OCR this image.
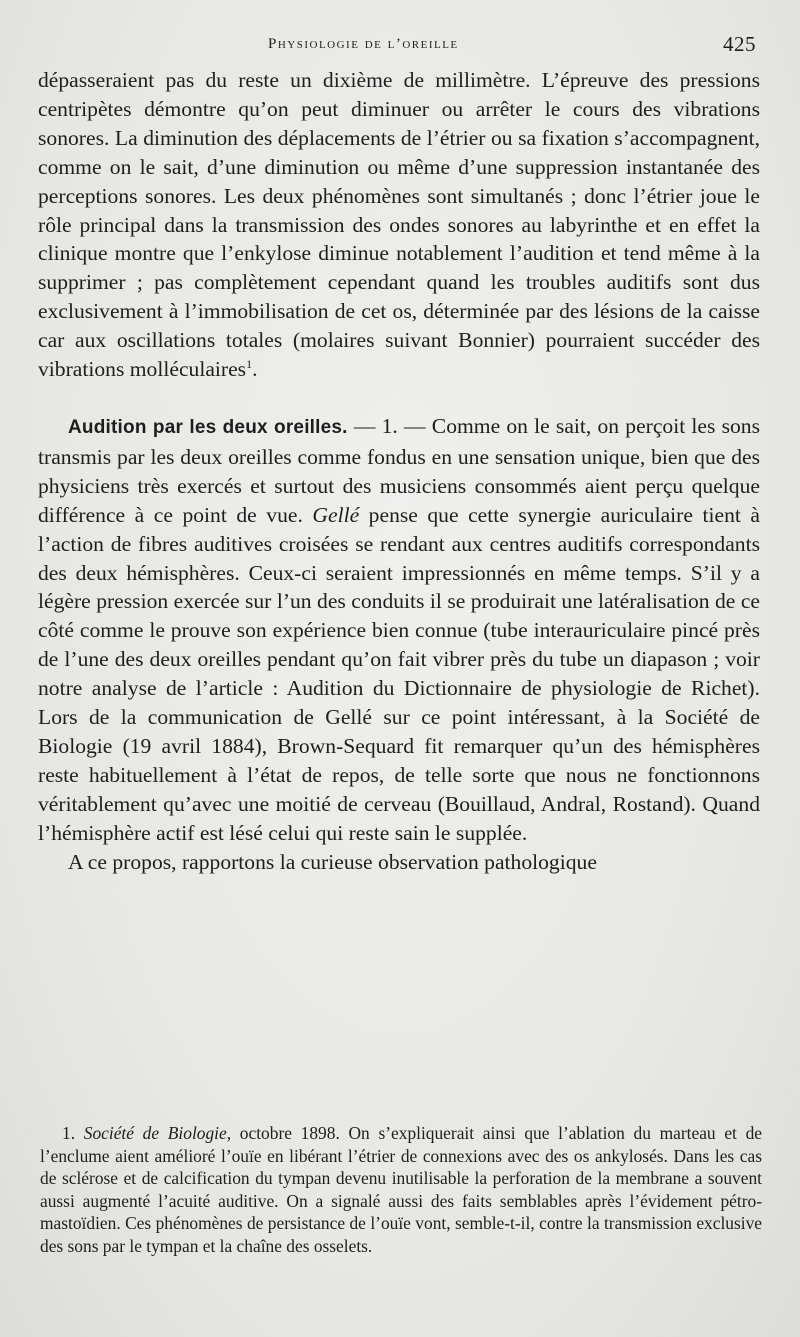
Physiologie de l’oreille	425

dépasseraient pas du reste un dixième de millimètre. L’épreuve des pressions centripètes démontre qu’on peut diminuer ou arrêter le cours des vibrations sonores. La diminution des déplacements de l’étrier ou sa fixation s’accompagnent, comme on le sait, d’une diminution ou même d’une suppression instantanée des perceptions sonores. Les deux phénomènes sont simultanés ; donc l’étrier joue le rôle principal dans la transmission des ondes sonores au labyrinthe et en effet la clinique montre que l’enkylose diminue notablement l’audition et tend même à la supprimer ; pas complètement cependant quand les troubles auditifs sont dus exclusivement à l’immobilisation de cet os, déterminée par des lésions de la caisse car aux oscillations totales (molaires suivant Bonnier) pourraient succéder des vibrations molléculaires$^1$.

Audition par les deux oreilles. — 1. — Comme on le sait, on perçoit les sons transmis par les deux oreilles comme fondus en une sensation unique, bien que des physiciens très exercés et surtout des musiciens consommés aient perçu quelque différence à ce point de vue. Gellé pense que cette synergie auriculaire tient à l’action de fibres auditives croisées se rendant aux centres auditifs correspondants des deux hémisphères. Ceux-ci seraient impressionnés en même temps. S’il y a légère pression exercée sur l’un des conduits il se produirait une latéralisation de ce côté comme le prouve son expérience bien connue (tube interauriculaire pincé près de l’une des deux oreilles pendant qu’on fait vibrer près du tube un diapason ; voir notre analyse de l’article : Audition du Dictionnaire de physiologie de Richet). Lors de la communication de Gellé sur ce point intéressant, à la Société de Biologie (19 avril 1884), Brown-Sequard fit remarquer qu’un des hémisphères reste habituellement à l’état de repos, de telle sorte que nous ne fonctionnons véritablement qu’avec une moitié de cerveau (Bouillaud, Andral, Rostand). Quand l’hémisphère actif est lésé celui qui reste sain le supplée.

A ce propos, rapportons la curieuse observation pathologique

1. Société de Biologie, octobre 1898. On s’expliquerait ainsi que l’ablation du marteau et de l’enclume aient amélioré l’ouïe en libérant l’étrier de connexions avec des os ankylosés. Dans les cas de sclérose et de calcification du tympan devenu inutilisable la perforation de la membrane a souvent aussi augmenté l’acuité auditive. On a signalé aussi des faits semblables après l’évidement pétro-mastoïdien. Ces phénomènes de persistance de l’ouïe vont, semble-t-il, contre la transmission exclusive des sons par le tympan et la chaîne des osselets.
